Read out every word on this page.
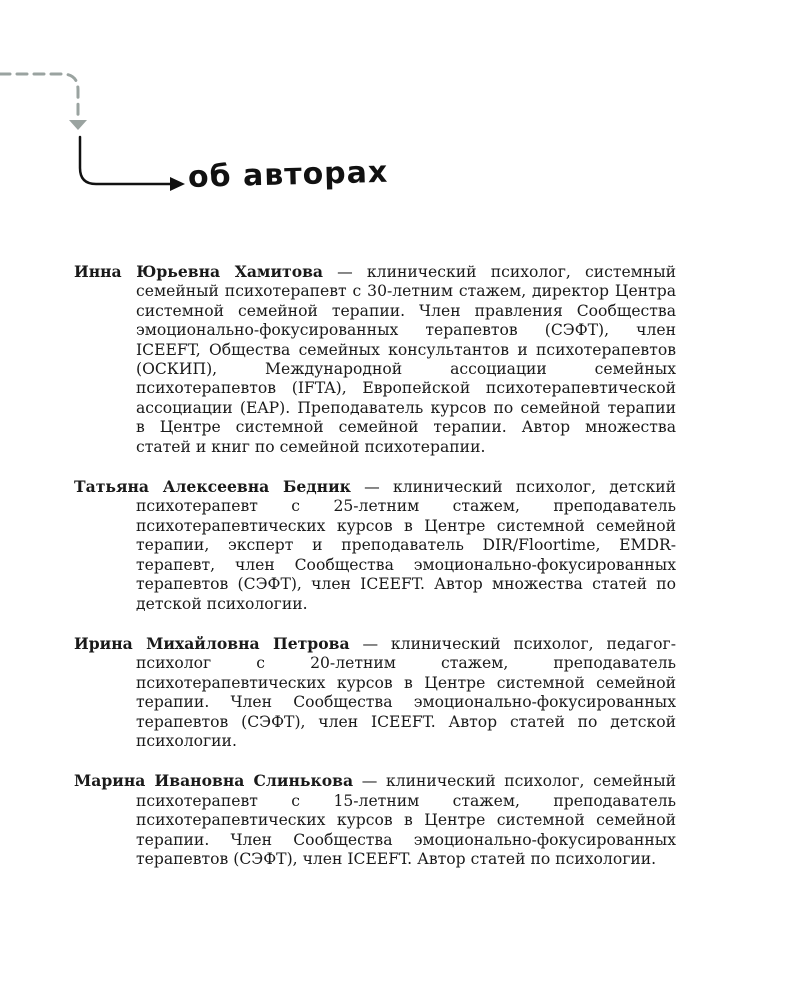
об авторах

Инна Юрьевна Хамитова — клинический психолог, системный семейный психотерапевт с 30-летним стажем, директор Центра системной семейной терапии. Член правления Сообщества эмоционально-фокусированных терапевтов (СЭФТ), член ICEEFT, Общества семейных консультантов и психотерапевтов (ОСКИП), Международной ассоциации семейных психотерапевтов (IFTA), Европейской психотерапевтической ассоциации (EAP). Преподаватель курсов по семейной терапии в Центре системной семейной терапии. Автор множества статей и книг по семейной психотерапии.

Татьяна Алексеевна Бедник — клинический психолог, детский психотерапевт с 25-летним стажем, преподаватель психотерапевтических курсов в Центре системной семейной терапии, эксперт и преподаватель DIR/Floortime, EMDR-терапевт, член Сообщества эмоционально-фокусированных терапевтов (СЭФТ), член ICEEFT. Автор множества статей по детской психологии.

Ирина Михайловна Петрова — клинический психолог, педагог-психолог с 20-летним стажем, преподаватель психотерапевтических курсов в Центре системной семейной терапии. Член Сообщества эмоционально-фокусированных терапевтов (СЭФТ), член ICEEFT. Автор статей по детской психологии.

Марина Ивановна Слинькова — клинический психолог, семейный психотерапевт с 15-летним стажем, преподаватель психотерапевтических курсов в Центре системной семейной терапии. Член Сообщества эмоционально-фокусированных терапевтов (СЭФТ), член ICEEFT. Автор статей по психологии.
